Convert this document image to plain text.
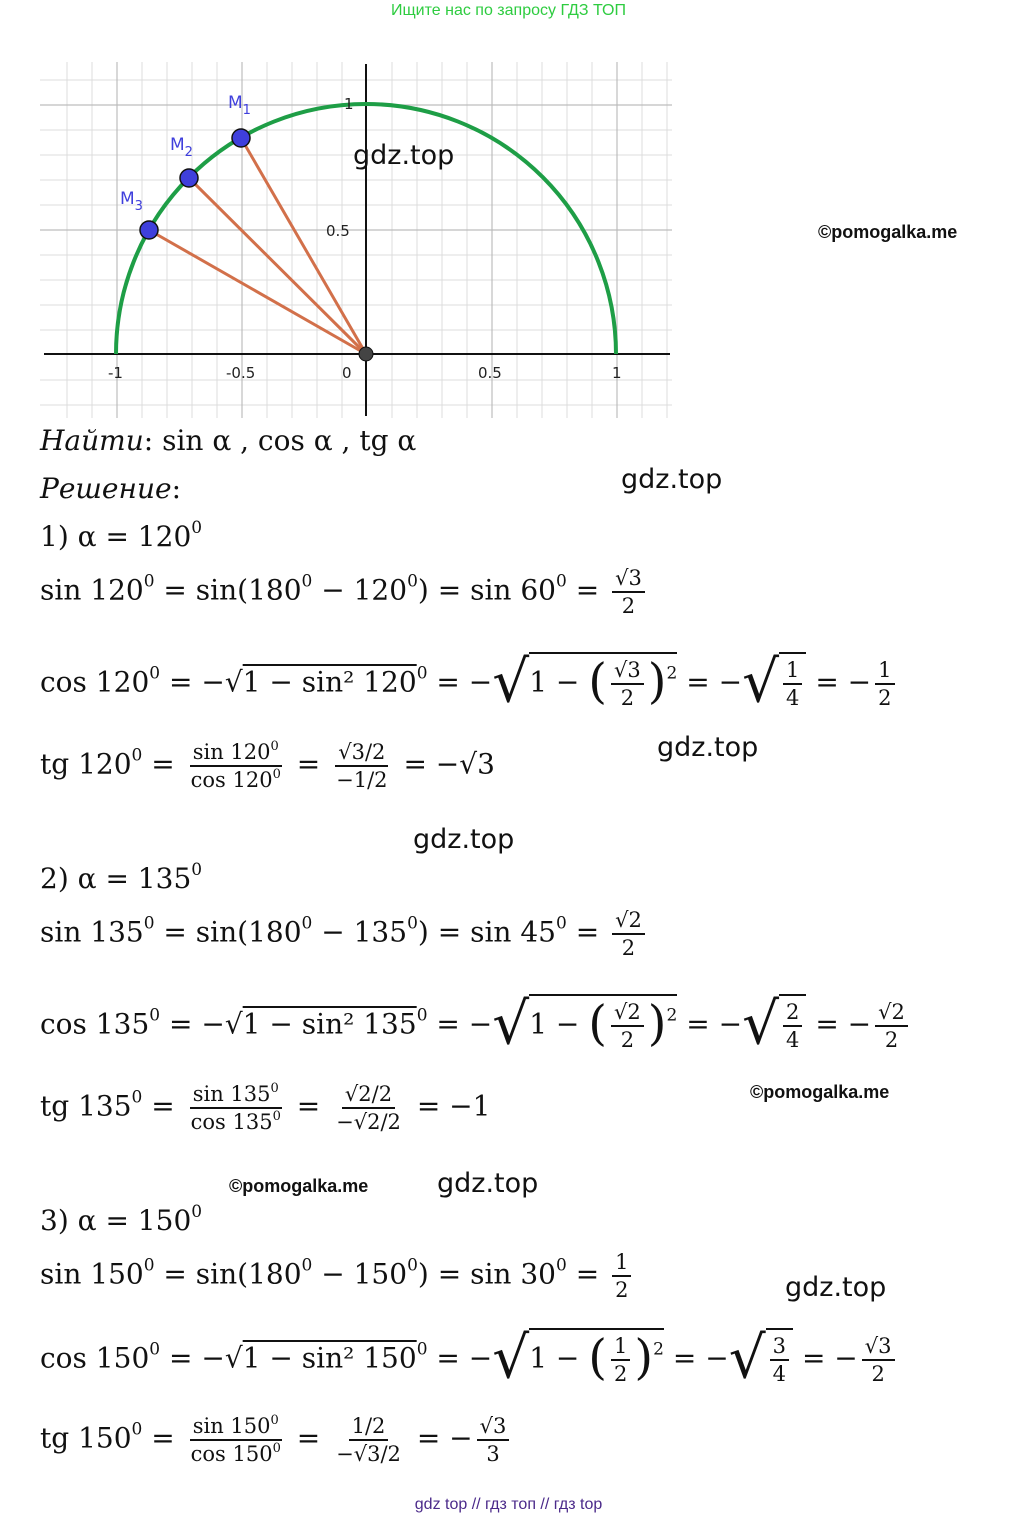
Ищите нас по запросу ГДЗ ТОП
gdz top // гдз топ // гдз top
$M_1$
$M_2$
$M_3$
-1	-0.5	0	0.5	1
0.5
1
gdz.top
©pomogalka.me
gdz.top
gdz.top
gdz.top
©pomogalka.me
©pomogalka.me	gdz.top
gdz.top
Найти: sin α , cos α , tg α
Решение:
1) $\alpha = 120^0$
$\sin 120^0 = \sin(180^0 - 120^0) = \sin 60^0 = \frac{√3}{2}$
$\cos 120^0 = -√1 - \sin^2$ $120^0 = -√1$ − ( $\frac{√3}{2} )^2$ = −√ $\frac{1}{4}$ = − $\frac{1}{2}$
tg $120^0 = \frac{\sin 120^0}{\cos 120^0} = \frac{√3/2}{-1/2} = -√3$
2) $\alpha = 135^0$
$\sin 135^0 = \sin(180^0 - 135^0) = \sin 45^0 = \frac{√2}{2}$
$\cos 135^0 = -√1 - \sin^2$ $135^0 = -√1$ − ( $\frac{√2}{2} )^2$ = −√ $\frac{2}{4}$ = − $\frac{√2}{2}$
tg $135^0 = \frac{\sin 135^0}{\cos 135^0} = \frac{√2/2}{-√2/2} = -1$
3) $\alpha = 150^0$
$\sin 150^0 = \sin(180^0 - 150^0) = \sin 30^0 = \frac{1}{2}$
$\cos 150^0 = -√1 - \sin^2$ $150^0 = -√1$ − ( $\frac{1}{2} )^2$ = −√ $\frac{3}{4}$ = − $\frac{√3}{2}$
tg $150^0 = \frac{\sin 150^0}{\cos 150^0} = \frac{1/2}{-√3/2}$ = − $\frac{√3}{3}$
